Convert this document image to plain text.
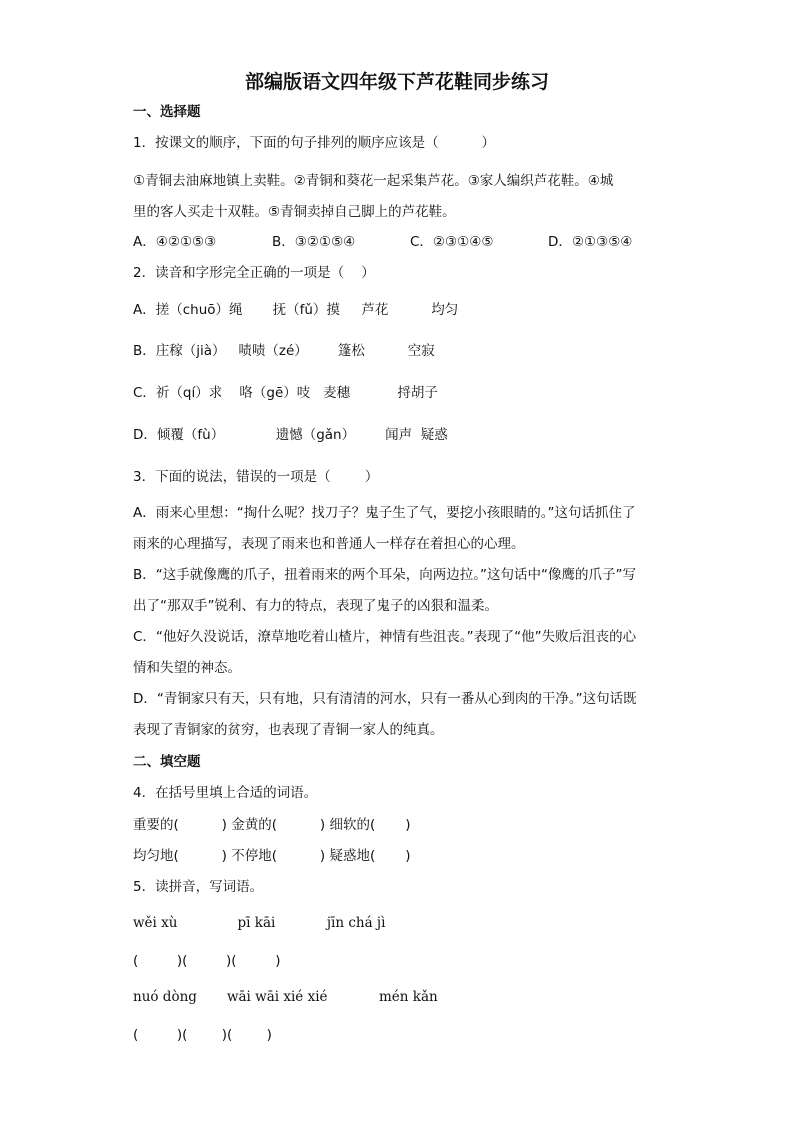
部编版语文四年级下芦花鞋同步练习
一、选择题
1．按课文的顺序，下面的句子排列的顺序应该是（          ）
①青铜去油麻地镇上卖鞋。②青铜和葵花一起采集芦花。③家人编织芦花鞋。④城
里的客人买走十双鞋。⑤青铜卖掉自己脚上的芦花鞋。
A．④②①⑤③	B．③②①⑤④	C．②③①④⑤	D．②①③⑤④
2．读音和字形完全正确的一项是（    ）
A．搓（chuō）绳       抚（fǔ）摸     芦花          均匀
B．庄稼（jià）   啧啧（zé）       篷松          空寂
C．祈（qí）求    咯（gē）吱   麦穗           捋胡子
D．倾覆（fù）            遗憾（gǎn）       闻声  疑惑
3．下面的说法，错误的一项是（        ）
A．雨来心里想：“掏什么呢？找刀子？鬼子生了气，要挖小孩眼睛的。”这句话抓住了
雨来的心理描写，表现了雨来也和普通人一样存在着担心的心理。
B．“这手就像鹰的爪子，扭着雨来的两个耳朵，向两边拉。”这句话中“像鹰的爪子”写
出了“那双手”锐利、有力的特点，表现了鬼子的凶狠和温柔。
C．“他好久没说话，潦草地吃着山楂片，神情有些沮丧。”表现了“他”失败后沮丧的心
情和失望的神态。
D．“青铜家只有天，只有地，只有清清的河水，只有一番从心到肉的干净。”这句话既
表现了青铜家的贫穷，也表现了青铜一家人的纯真。
二、填空题
4．在括号里填上合适的词语。
重要的(          ) 金黄的(          ) 细软的(       )
均匀地(          ) 不停地(          ) 疑惑地(       )
5．读拼音，写词语。
wěi xù              pī kāi            jīn chá jì
(         )(         )(         )
nuó dòng       wāi wāi xié xié            mén kǎn
(         )(        )(        )
